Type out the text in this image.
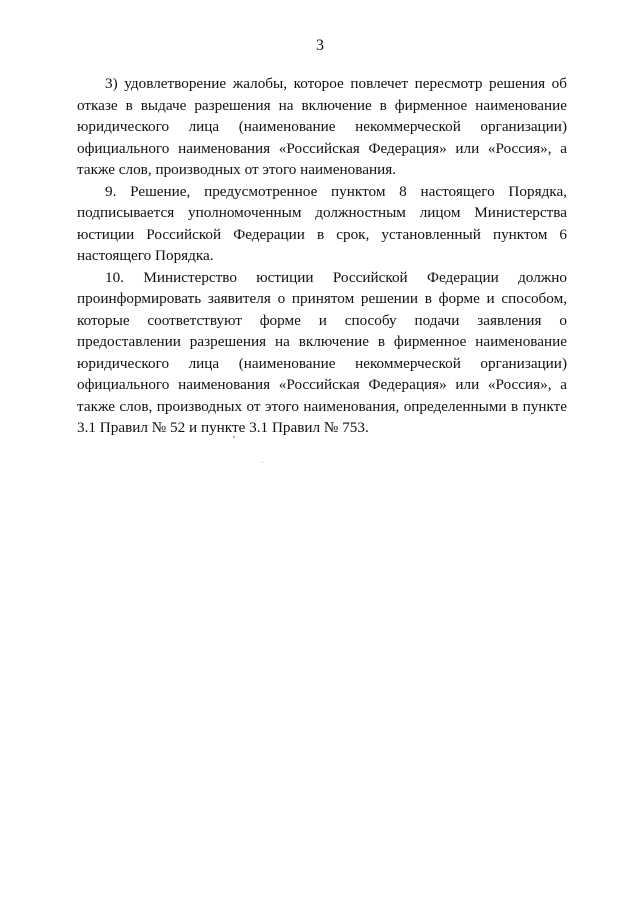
3

3) удовлетворение жалобы, которое повлечет пересмотр решения об отказе в выдаче разрешения на включение в фирменное наименование юридического лица (наименование некоммерческой организации) официального наименования «Российская Федерация» или «Россия», а также слов, производных от этого наименования.

9. Решение, предусмотренное пунктом 8 настоящего Порядка, подписывается уполномоченным должностным лицом Министерства юстиции Российской Федерации в срок, установленный пунктом 6 настоящего Порядка.

10. Министерство юстиции Российской Федерации должно проинформировать заявителя о принятом решении в форме и способом, которые соответствуют форме и способу подачи заявления о предоставлении разрешения на включение в фирменное наименование юридического лица (наименование некоммерческой организации) официального наименования «Российская Федерация» или «Россия», а также слов, производных от этого наименования, определенными в пункте 3.1 Правил № 52 и пункте 3.1 Правил № 753.
